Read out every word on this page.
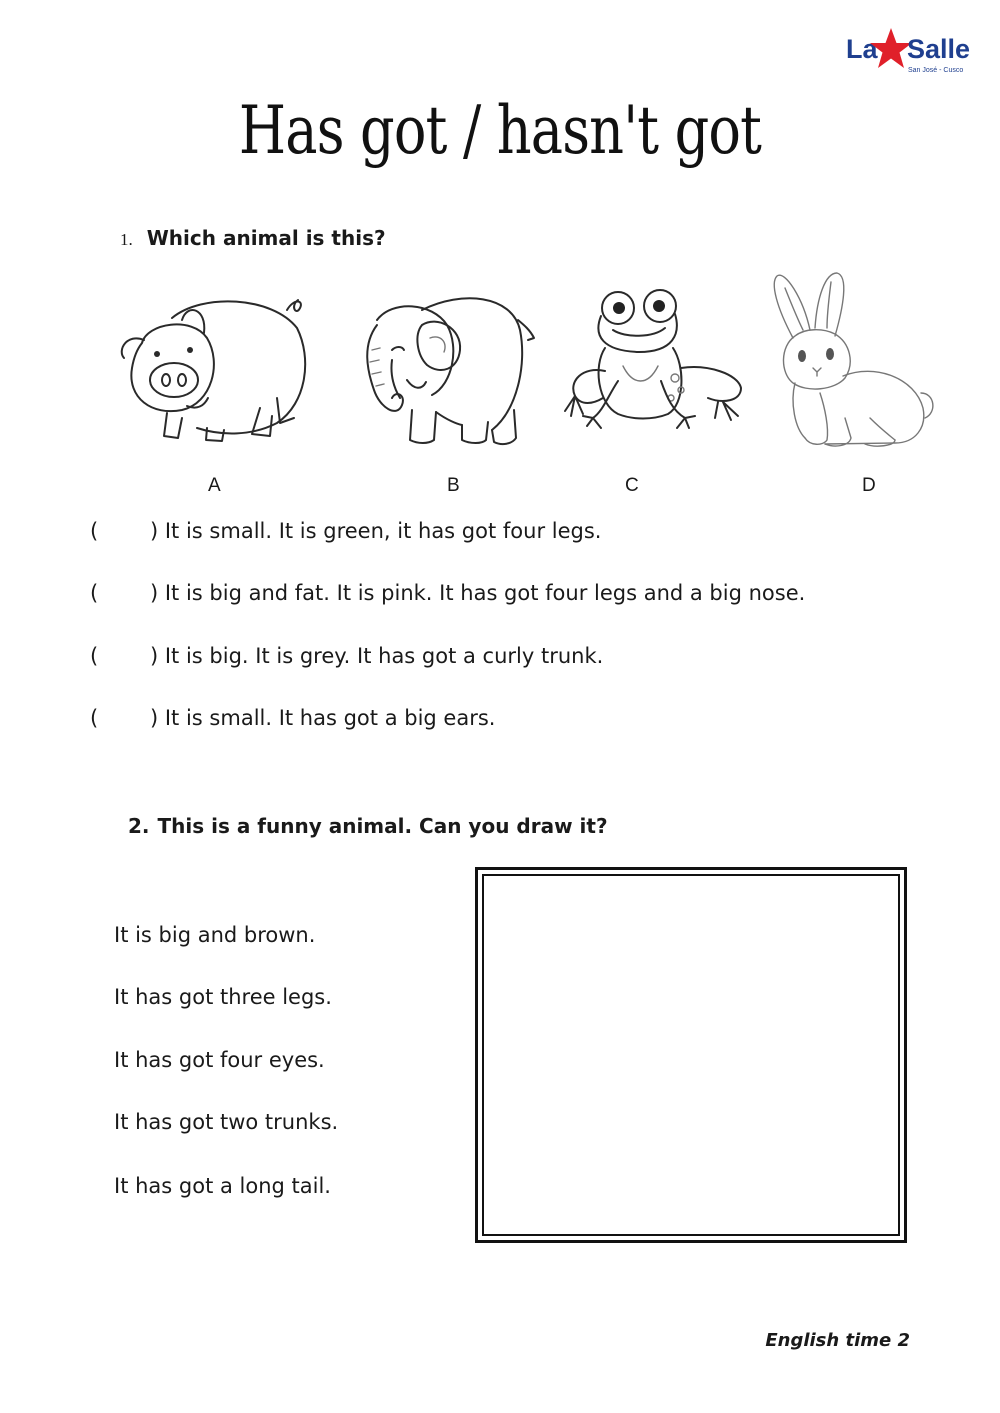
La Salle
San José - Cusco
Has got / hasn't got
1. Which animal is this?
A	B	C	D
( ) It is small. It is green, it has got four legs.
( ) It is big and fat. It is pink. It has got four legs and a big nose.
( ) It is big. It is grey. It has got a curly trunk.
( ) It is small. It has got a big ears.
2. This is a funny animal. Can you draw it?
It is big and brown.
It has got three legs.
It has got four eyes.
It has got two trunks.
It has got a long tail.
English time 2
